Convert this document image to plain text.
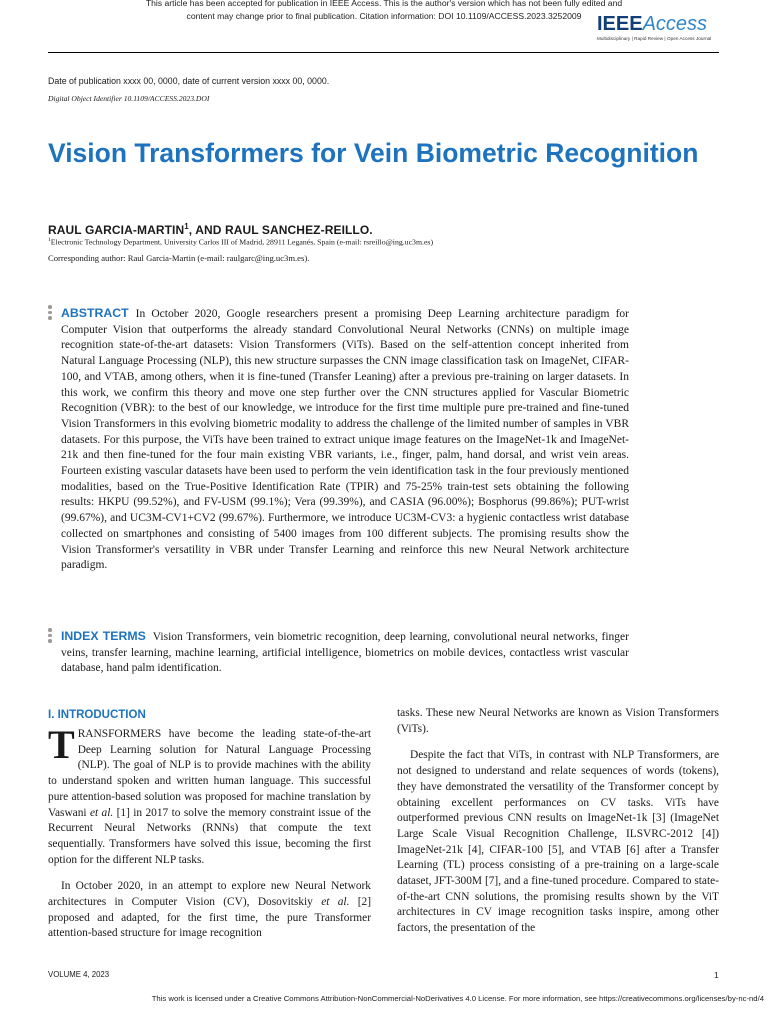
This article has been accepted for publication in IEEE Access. This is the author's version which has not been fully edited and
content may change prior to final publication. Citation information: DOI 10.1109/ACCESS.2023.3252009 IEEEAccess
Multidisciplinary | Rapid Review | Open Access Journal
Date of publication xxxx 00, 0000, date of current version xxxx 00, 0000.
Digital Object Identifier 10.1109/ACCESS.2023.DOI
Vision Transformers for Vein Biometric Recognition
RAUL GARCIA-MARTIN$^1$, AND RAUL SANCHEZ-REILLO.
$^1$Electronic Technology Department, University Carlos III of Madrid, 28911 Leganés, Spain (e-mail: rsreillo@ing.uc3m.es)
Corresponding author: Raul Garcia-Martin (e-mail: raulgarc@ing.uc3m.es).
ABSTRACT In October 2020, Google researchers present a promising Deep Learning architecture paradigm for Computer Vision that outperforms the already standard Convolutional Neural Networks (CNNs) on multiple image recognition state-of-the-art datasets: Vision Transformers (ViTs). Based on the self-attention concept inherited from Natural Language Processing (NLP), this new structure surpasses the CNN image classification task on ImageNet, CIFAR-100, and VTAB, among others, when it is fine-tuned (Transfer Leaning) after a previous pre-training on larger datasets. In this work, we confirm this theory and move one step further over the CNN structures applied for Vascular Biometric Recognition (VBR): to the best of our knowledge, we introduce for the first time multiple pure pre-trained and fine-tuned Vision Transformers in this evolving biometric modality to address the challenge of the limited number of samples in VBR datasets. For this purpose, the ViTs have been trained to extract unique image features on the ImageNet-1k and ImageNet-21k and then fine-tuned for the four main existing VBR variants, i.e., finger, palm, hand dorsal, and wrist vein areas. Fourteen existing vascular datasets have been used to perform the vein identification task in the four previously mentioned modalities, based on the True-Positive Identification Rate (TPIR) and 75-25% train-test sets obtaining the following results: HKPU (99.52%), and FV-USM (99.1%); Vera (99.39%), and CASIA (96.00%); Bosphorus (99.86%); PUT-wrist (99.67%), and UC3M-CV1+CV2 (99.67%). Furthermore, we introduce UC3M-CV3: a hygienic contactless wrist database collected on smartphones and consisting of 5400 images from 100 different subjects. The promising results show the Vision Transformer's versatility in VBR under Transfer Learning and reinforce this new Neural Network architecture paradigm.
INDEX TERMS Vision Transformers, vein biometric recognition, deep learning, convolutional neural networks, finger veins, transfer learning, machine learning, artificial intelligence, biometrics on mobile devices, contactless wrist vascular database, hand palm identification.
I. INTRODUCTION

TRANSFORMERS have become the leading state-of-the-art Deep Learning solution for Natural Language Processing (NLP). The goal of NLP is to provide machines with the ability to understand spoken and written human language. This successful pure attention-based solution was proposed for machine translation by Vaswani et al. [1] in 2017 to solve the memory constraint issue of the Recurrent Neural Networks (RNNs) that compute the text sequentially. Transformers have solved this issue, becoming the first option for the different NLP tasks.

In October 2020, in an attempt to explore new Neural Network architectures in Computer Vision (CV), Dosovitskiy et al. [2] proposed and adapted, for the first time, the pure Transformer attention-based structure for image recognition

tasks. These new Neural Networks are known as Vision Transformers (ViTs).

Despite the fact that ViTs, in contrast with NLP Transformers, are not designed to understand and relate sequences of words (tokens), they have demonstrated the versatility of the Transformer concept by obtaining excellent performances on CV tasks. ViTs have outperformed previous CNN results on ImageNet-1k [3] (ImageNet Large Scale Visual Recognition Challenge, ILSVRC-2012 [4]) ImageNet-21k [4], CIFAR-100 [5], and VTAB [6] after a Transfer Learning (TL) process consisting of a pre-training on a large-scale dataset, JFT-300M [7], and a fine-tuned procedure. Compared to state-of-the-art CNN solutions, the promising results shown by the ViT architectures in CV image recognition tasks inspire, among other factors, the presentation of the

VOLUME 4, 2023	1
This work is licensed under a Creative Commons Attribution-NonCommercial-NoDerivatives 4.0 License. For more information, see https://creativecommons.org/licenses/by-nc-nd/4
